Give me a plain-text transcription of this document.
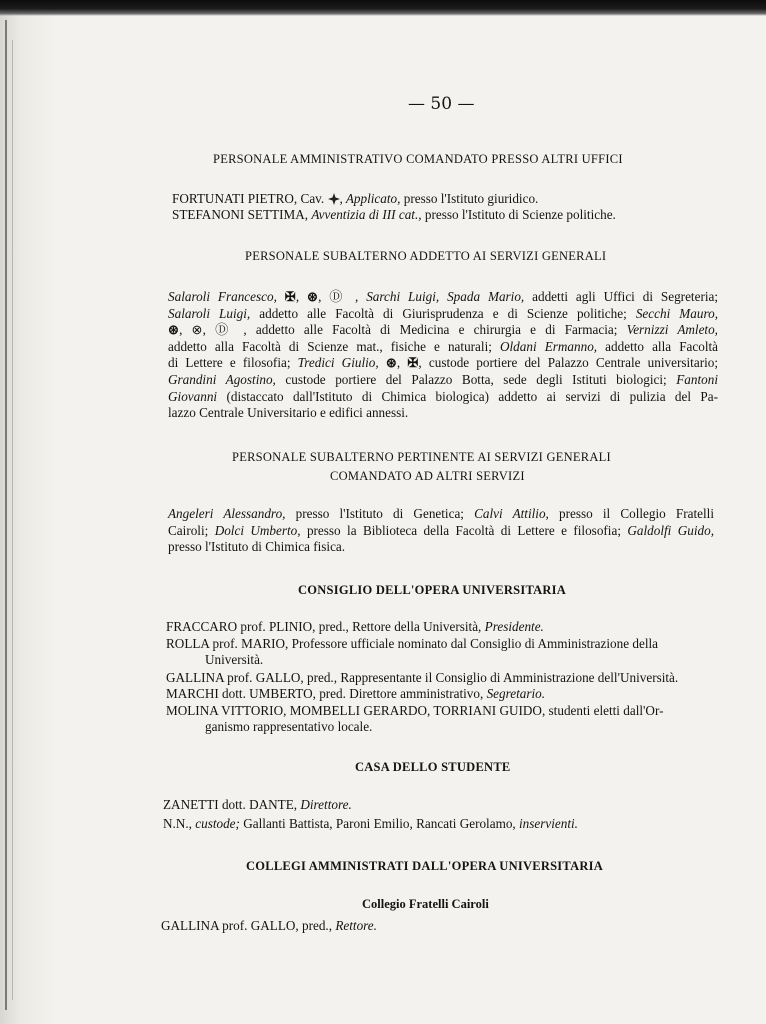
— 50 —
PERSONALE AMMINISTRATIVO COMANDATO PRESSO ALTRI UFFICI
FORTUNATI PIETRO, Cav. , Applicato, presso l'Istituto giuridico.
STEFANONI SETTIMA, Avventizia di III cat., presso l'Istituto di Scienze politiche.
PERSONALE SUBALTERNO ADDETTO AI SERVIZI GENERALI
Salaroli Francesco, ✠, ⊛, Ⓓ , Sarchi Luigi, Spada Mario, addetti agli Uffici di Segreteria;
Salaroli Luigi, addetto alle Facoltà di Giurisprudenza e di Scienze politiche; Secchi Mauro,
⊛, ⊗, Ⓓ , addetto alle Facoltà di Medicina e chirurgia e di Farmacia; Vernizzi Amleto,
addetto alla Facoltà di Scienze mat., fisiche e naturali; Oldani Ermanno, addetto alla Facoltà
di Lettere e filosofia; Tredici Giulio, ⊛, ✠, custode portiere del Palazzo Centrale universitario;
Grandini Agostino, custode portiere del Palazzo Botta, sede degli Istituti biologici; Fantoni
Giovanni (distaccato dall'Istituto di Chimica biologica) addetto ai servizi di pulizia del Pa-
lazzo Centrale Universitario e edifici annessi.
PERSONALE SUBALTERNO PERTINENTE AI SERVIZI GENERALI
COMANDATO AD ALTRI SERVIZI
Angeleri Alessandro, presso l'Istituto di Genetica; Calvi Attilio, presso il Collegio Fratelli
Cairoli; Dolci Umberto, presso la Biblioteca della Facoltà di Lettere e filosofia; Galdolfi Guido,
presso l'Istituto di Chimica fisica.
CONSIGLIO DELL'OPERA UNIVERSITARIA
FRACCARO prof. PLINIO, pred., Rettore della Università, Presidente.
ROLLA prof. MARIO, Professore ufficiale nominato dal Consiglio di Amministrazione della
Università.
GALLINA prof. GALLO, pred., Rappresentante il Consiglio di Amministrazione dell'Università.
MARCHI dott. UMBERTO, pred. Direttore amministrativo, Segretario.
MOLINA VITTORIO, MOMBELLI GERARDO, TORRIANI GUIDO, studenti eletti dall'Or-
ganismo rappresentativo locale.
CASA DELLO STUDENTE
ZANETTI dott. DANTE, Direttore.
N.N., custode; Gallanti Battista, Paroni Emilio, Rancati Gerolamo, inservienti.
COLLEGI AMMINISTRATI DALL'OPERA UNIVERSITARIA
Collegio Fratelli Cairoli
GALLINA prof. GALLO, pred., Rettore.
